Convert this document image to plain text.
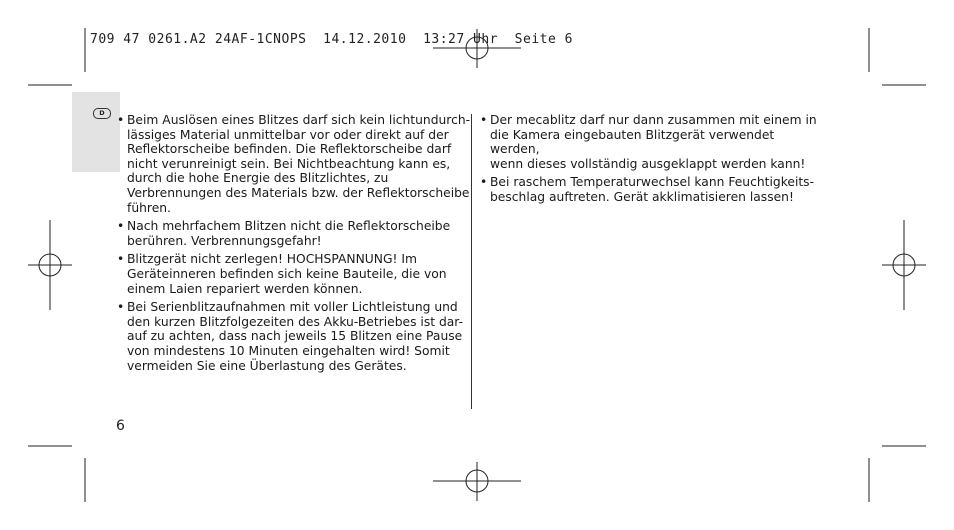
709 47 0261.A2 24AF-1CNOPS  14.12.2010  13:27 Uhr  Seite 6
D • Beim Auslösen eines Blitzes darf sich kein lichtundurch-
lässiges Material unmittelbar vor oder direkt auf der
Reflektorscheibe befinden. Die Reflektorscheibe darf
nicht verunreinigt sein. Bei Nichtbeachtung kann es,
durch die hohe Energie des Blitzlichtes, zu
Verbrennungen des Materials bzw. der Reflektorscheibe
führen.
• Nach mehrfachem Blitzen nicht die Reflektorscheibe
berühren. Verbrennungsgefahr!
• Blitzgerät nicht zerlegen! HOCHSPANNUNG! Im
Geräteinneren befinden sich keine Bauteile, die von
einem Laien repariert werden können.
• Bei Serienblitzaufnahmen mit voller Lichtleistung und
den kurzen Blitzfolgezeiten des Akku-Betriebes ist dar-
auf zu achten, dass nach jeweils 15 Blitzen eine Pause
von mindestens 10 Minuten eingehalten wird! Somit
vermeiden Sie eine Überlastung des Gerätes.
• Der mecablitz darf nur dann zusammen mit einem in
die Kamera eingebauten Blitzgerät verwendet werden,
wenn dieses vollständig ausgeklappt werden kann!
• Bei raschem Temperaturwechsel kann Feuchtigkeits-
beschlag auftreten. Gerät akklimatisieren lassen!
6
